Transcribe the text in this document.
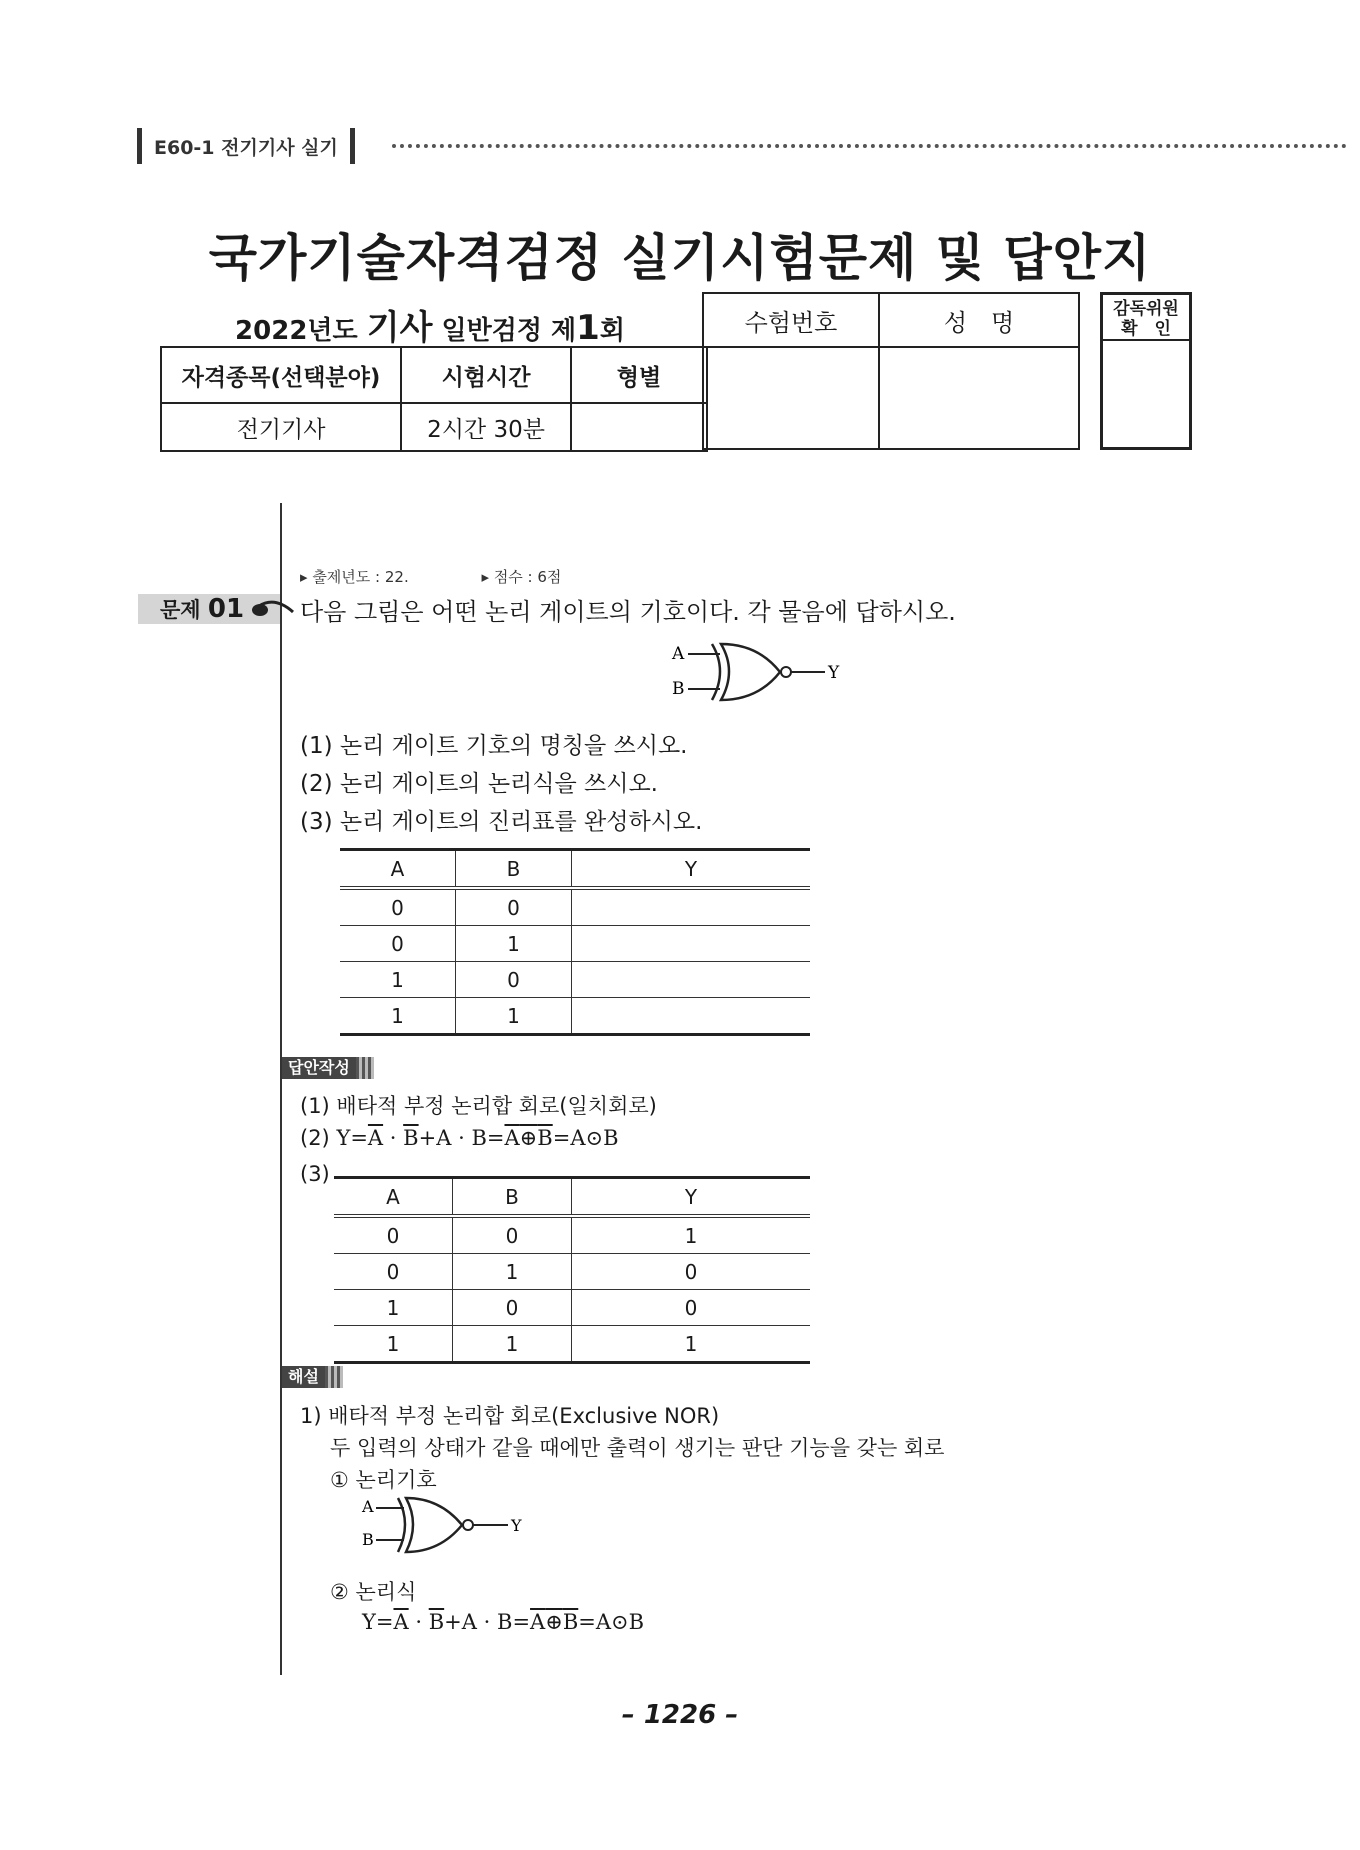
E60-1 전기기사 실기
국가기술자격검정 실기시험문제 및 답안지
2022년도 기사 일반검정 제1회
자격종목(선택분야)	시험시간	형별
전기기사	2시간 30분	
수험번호	성　명
		감독위원
확　인
▸ 출제년도 : 22.	▸ 점수 : 6점
문제 01	다음 그림은 어떤 논리 게이트의 기호이다. 각 물음에 답하시오.
A
B
Y
(1) 논리 게이트 기호의 명칭을 쓰시오.
(2) 논리 게이트의 논리식을 쓰시오.
(3) 논리 게이트의 진리표를 완성하시오.
A	B	Y
0	0	
0	1	
1	0	
1	1	
답안작성
(1) 배타적 부정 논리합 회로(일치회로)
(2) $Y=\overline{A} \cdot \overline{B}+A$ · B=A⊕B=A⊙B
(3)
A	B	Y
0	0	1
0	1	0
1	0	0
1	1	1
해설
1) 배타적 부정 논리합 회로(Exclusive NOR)
두 입력의 상태가 같을 때에만 출력이 생기는 판단 기능을 갖는 회로
① 논리기호
A
B
Y
② 논리식
$Y=\overline{A} \cdot \overline{B}+A$ · B=A⊕B=A⊙B
– 1226 –
